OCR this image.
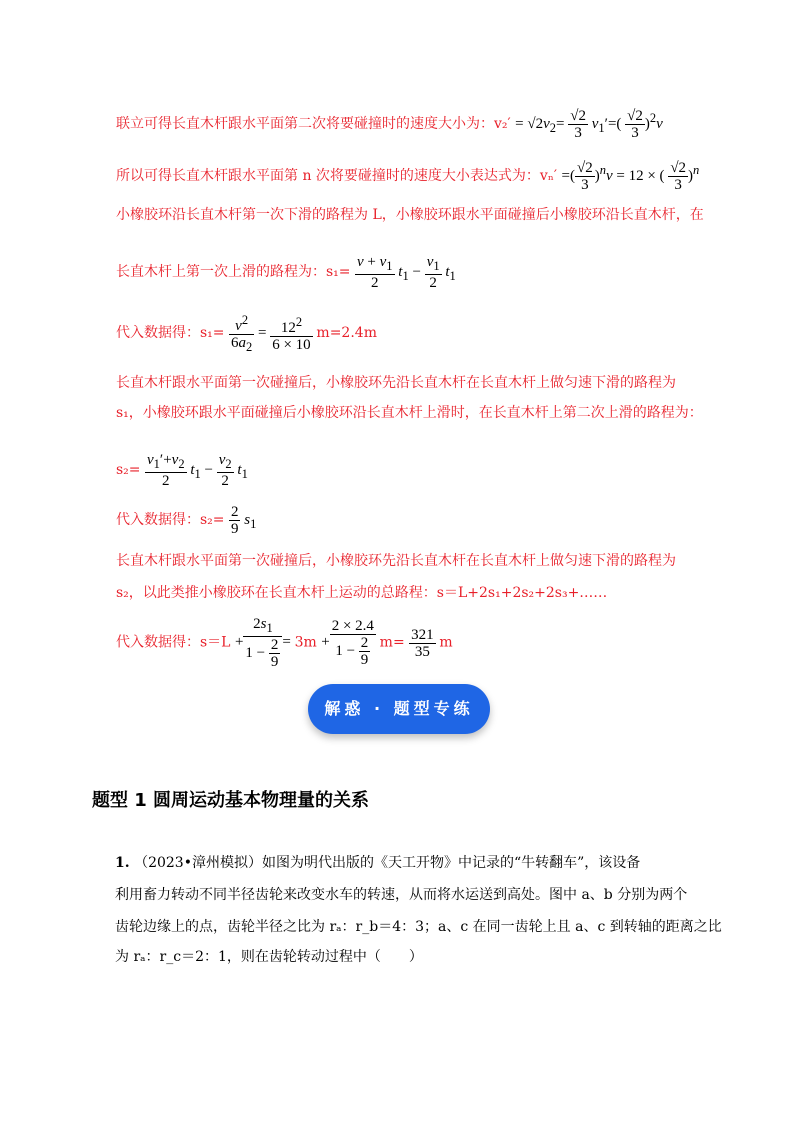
联立可得长直木杆跟水平面第二次将要碰撞时的速度大小为：$v_2' = √2v_2= \frac{√2}{3} v_1'=( \frac{√2}{3} )^2v$
所以可得长直木杆跟水平面第 n 次将要碰撞时的速度大小表达式为：vₙ′ =( $\frac{√2}{3} )^nv = 12$ × ( $\frac{√2}{3} )^n$
小橡胶环沿长直木杆第一次下滑的路程为 L，小橡胶环跟水平面碰撞后小橡胶环沿长直木杆，在
长直木杆上第一次上滑的路程为：$s_1= \frac{v + v_1}{2} t_1 - \frac{v_1}{2} t_1$
代入数据得：$s_1= \frac{v^2}{6a_2} = \frac{12^2}{6 \times 10} m=2.4m$
长直木杆跟水平面第一次碰撞后，小橡胶环先沿长直木杆在长直木杆上做匀速下滑的路程为
s₁，小橡胶环跟水平面碰撞后小橡胶环沿长直木杆上滑时，在长直木杆上第二次上滑的路程为：
$s_2= \frac{v_1'+v_2}{2} t_1 - \frac{v_2}{2} t_1$
代入数据得：$s_2= \frac{2}{9} s_1$
长直木杆跟水平面第一次碰撞后，小橡胶环先沿长直木杆在长直木杆上做匀速下滑的路程为
s₂，以此类推小橡胶环在长直木杆上运动的总路程：s＝L+2s₁+2s₂+2s₃+……
代入数据得：$s=L + \frac{2s_1}{1 - \frac{2}{9}} = 3m + \frac{2 \times 2.4}{1 - \frac{2}{9}} m= \frac{321}{35}$ m
解惑 · 题型专练
题型 1 圆周运动基本物理量的关系
1. （2023•漳州模拟）如图为明代出版的《天工开物》中记录的“牛转翻车”，该设备
利用畜力转动不同半径齿轮来改变水车的转速，从而将水运送到高处。图中 a、b 分别为两个
齿轮边缘上的点，齿轮半径之比为 rₐ：r_b＝4：3；a、c 在同一齿轮上且 a、c 到转轴的距离之比
为 rₐ：r_c＝2：1，则在齿轮转动过程中（　　）
